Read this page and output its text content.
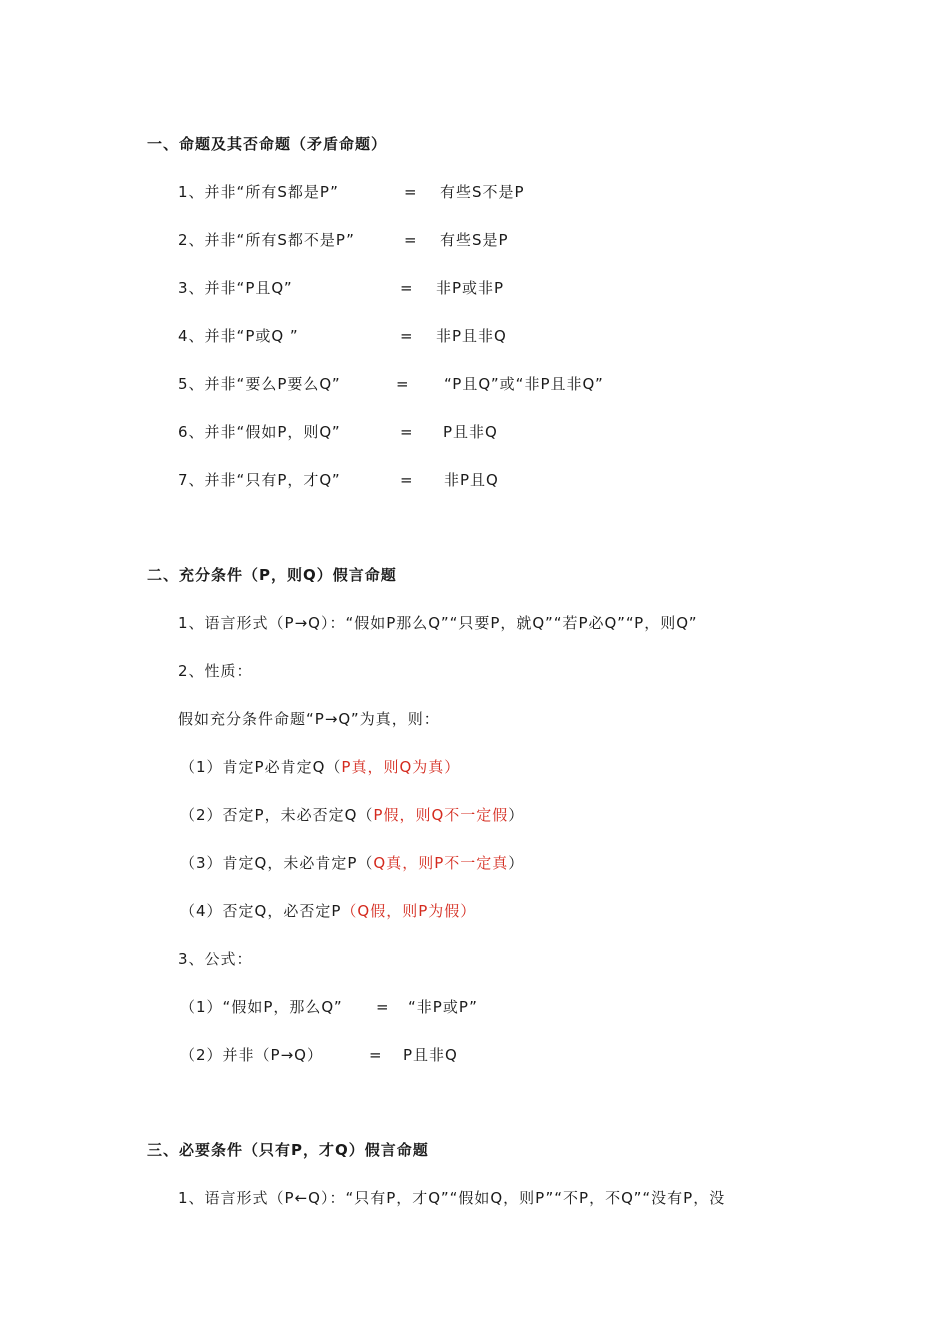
一、命题及其否命题（矛盾命题）
1、并非“所有S都是P”	= 有些S不是P
2、并非“所有S都不是P”	= 有些S是P
3、并非“P且Q”	= 非P或非P
4、并非“P或Q ”	= 非P且非Q
5、并非“要么P要么Q”	= “P且Q”或“非P且非Q”
6、并非“假如P，则Q”	= P且非Q
7、并非“只有P，才Q”	= 非P且Q
二、充分条件（P，则Q）假言命题
1、语言形式（P→Q）：“假如P那么Q”“只要P，就Q”“若P必Q”“P，则Q”
2、性质：
假如充分条件命题“P→Q”为真，则：
（1）肯定P必肯定Q（P真，则Q为真）
（2）否定P，未必否定Q（P假，则Q不一定假）
（3）肯定Q，未必肯定P（Q真，则P不一定真）
（4）否定Q，必否定P（Q假，则P为假）
3、公式：
（1）“假如P，那么Q” = “非P或P”
（2）并非（P→Q）	= P且非Q
三、必要条件（只有P，才Q）假言命题
1、语言形式（P←Q）：“只有P，才Q”“假如Q，则P”“不P，不Q”“没有P，没
